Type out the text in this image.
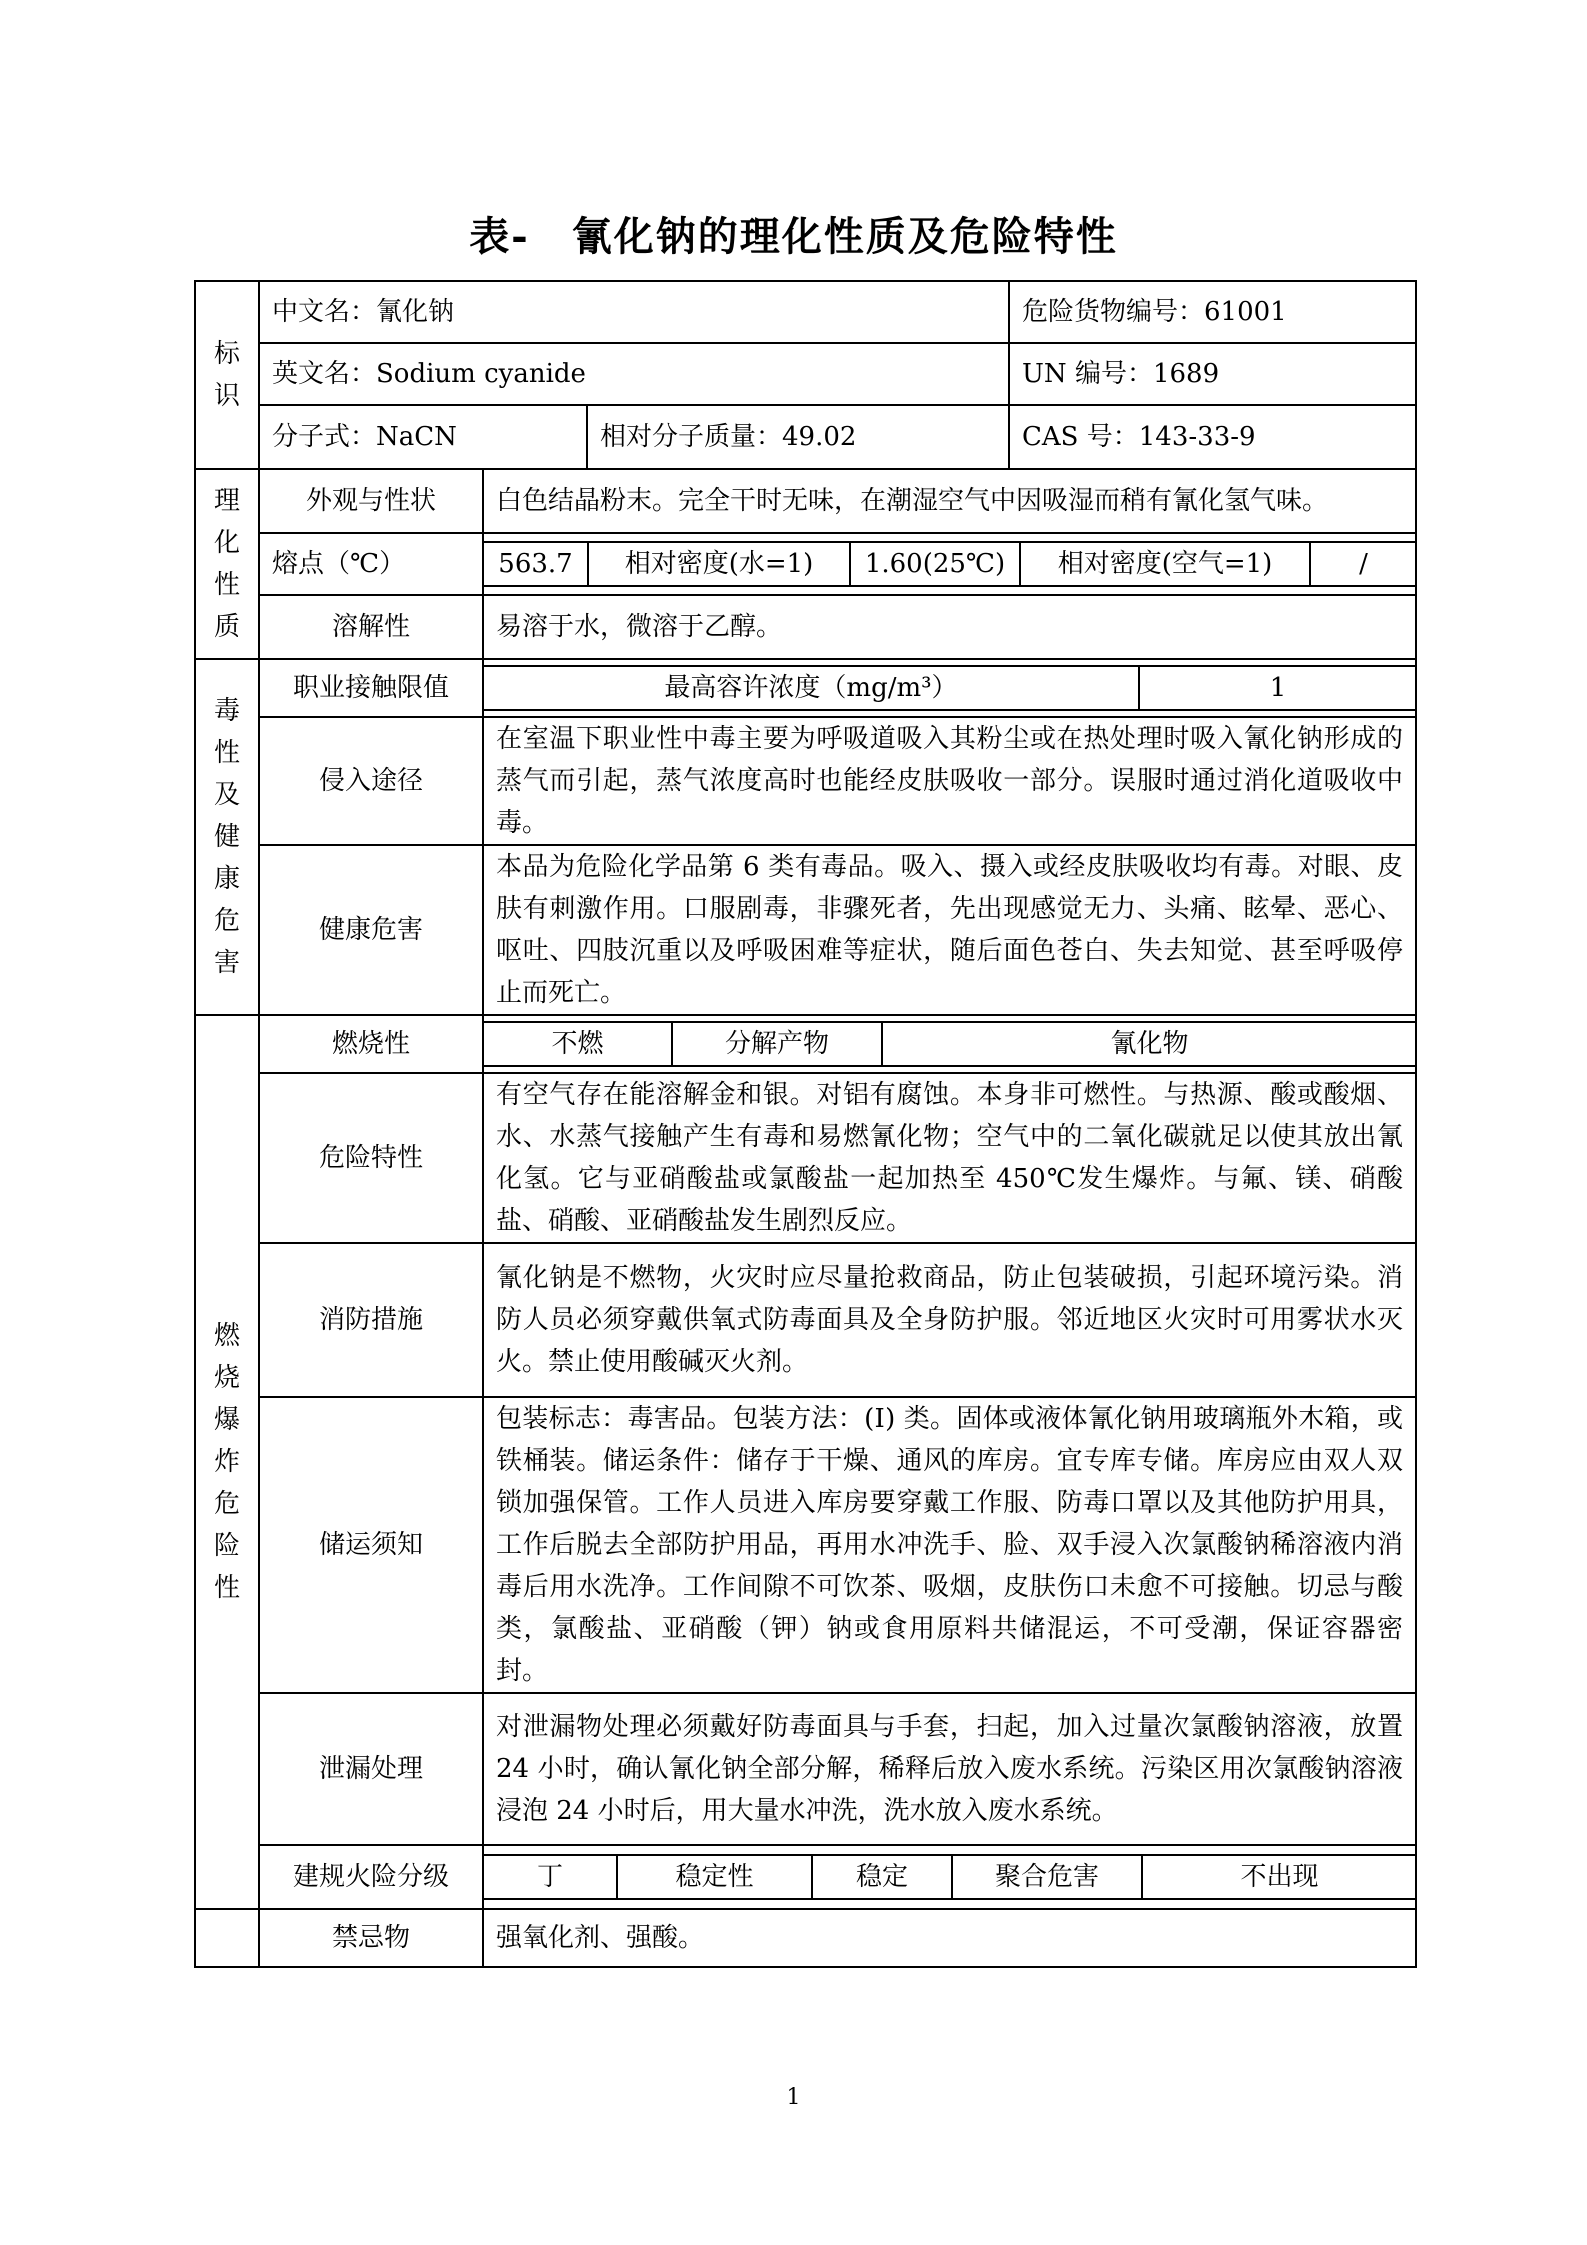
表-　氰化钠的理化性质及危险特性
标识	中文名：氰化钠	危险货物编号：61001
英文名：Sodium cyanide	UN 编号：1689
分子式：NaCN	相对分子质量：49.02	CAS 号：143-33-9
理化性质	外观与性状	白色结晶粉末。完全干时无味，在潮湿空气中因吸湿而稍有氰化氢气味。
熔点（℃）		563.7	相对密度(水=1)	1.60(25℃)	相对密度(空气=1)	/

溶解性	易溶于水，微溶于乙醇。
毒性及健康危害	职业接触限值		最高容许浓度（mg/m³）	1

侵入途径	在室温下职业性中毒主要为呼吸道吸入其粉尘或在热处理时吸入氰化钠形成的蒸气而引起，蒸气浓度高时也能经皮肤吸收一部分。误服时通过消化道吸收中毒。
健康危害	本品为危险化学品第 6 类有毒品。吸入、摄入或经皮肤吸收均有毒。对眼、皮肤有刺激作用。口服剧毒，非骤死者，先出现感觉无力、头痛、眩晕、恶心、呕吐、四肢沉重以及呼吸困难等症状，随后面色苍白、失去知觉、甚至呼吸停止而死亡。
燃烧爆炸危险性	燃烧性		不燃	分解产物	氰化物

危险特性	有空气存在能溶解金和银。对铝有腐蚀。本身非可燃性。与热源、酸或酸烟、水、水蒸气接触产生有毒和易燃氰化物；空气中的二氧化碳就足以使其放出氰化氢。它与亚硝酸盐或氯酸盐一起加热至 450℃发生爆炸。与氟、镁、硝酸盐、硝酸、亚硝酸盐发生剧烈反应。
消防措施	氰化钠是不燃物，火灾时应尽量抢救商品，防止包装破损，引起环境污染。消防人员必须穿戴供氧式防毒面具及全身防护服。邻近地区火灾时可用雾状水灭火。禁止使用酸碱灭火剂。
储运须知	包装标志：毒害品。包装方法：(Ⅰ) 类。固体或液体氰化钠用玻璃瓶外木箱，或铁桶装。储运条件：储存于干燥、通风的库房。宜专库专储。库房应由双人双锁加强保管。工作人员进入库房要穿戴工作服、防毒口罩以及其他防护用具，工作后脱去全部防护用品，再用水冲洗手、脸、双手浸入次氯酸钠稀溶液内消毒后用水洗净。工作间隙不可饮茶、吸烟，皮肤伤口未愈不可接触。切忌与酸类，氯酸盐、亚硝酸（钾）钠或食用原料共储混运，不可受潮，保证容器密封。
泄漏处理	对泄漏物处理必须戴好防毒面具与手套，扫起，加入过量次氯酸钠溶液，放置 24 小时，确认氰化钠全部分解，稀释后放入废水系统。污染区用次氯酸钠溶液浸泡 24 小时后，用大量水冲洗，洗水放入废水系统。
建规火险分级		丁	稳定性	稳定	聚合危害	不出现

	禁忌物	强氧化剂、强酸。
1
